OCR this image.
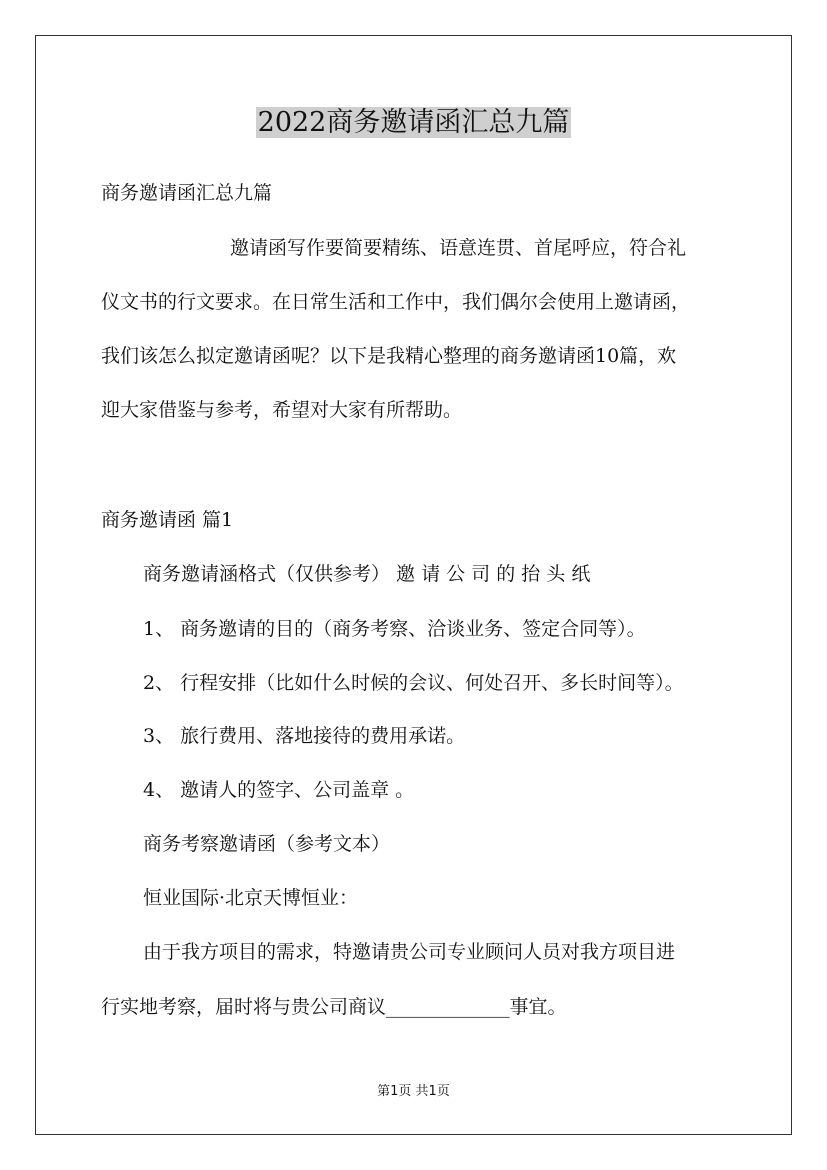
2022商务邀请函汇总九篇
商务邀请函汇总九篇
邀请函写作要简要精练、语意连贯、首尾呼应，符合礼
仪文书的行文要求。在日常生活和工作中，我们偶尔会使用上邀请函，
我们该怎么拟定邀请函呢？以下是我精心整理的商务邀请函10篇，欢
迎大家借鉴与参考，希望对大家有所帮助。
商务邀请函 篇1
商务邀请涵格式（仅供参考） 邀 请 公 司 的 抬 头 纸
1、 商务邀请的目的（商务考察、洽谈业务、签定合同等）。
2、 行程安排（比如什么时候的会议、何处召开、多长时间等）。
3、 旅行费用、落地接待的费用承诺。
4、 邀请人的签字、公司盖章 。
商务考察邀请函（参考文本）
恒业国际·北京天博恒业：
由于我方项目的需求，特邀请贵公司专业顾问人员对我方项目进
行实地考察，届时将与贵公司商议_____________事宜。
第1页 共1页
